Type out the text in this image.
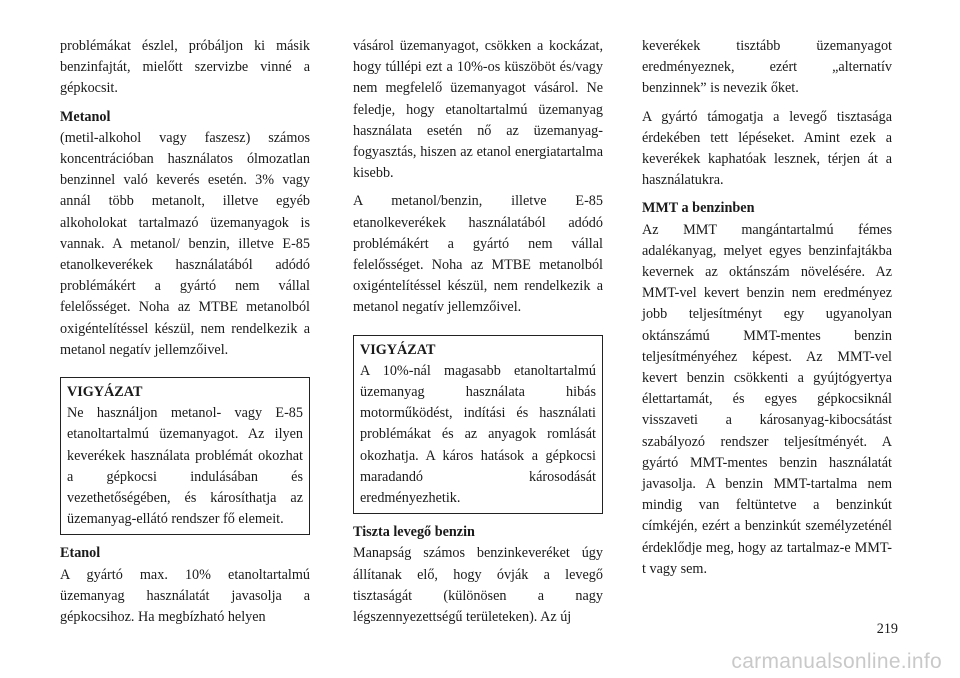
problémákat észlel, próbáljon ki másik benzinfajtát, mielőtt szervizbe vinné a gépkocsit.

Metanol

(metil-alkohol vagy faszesz) számos koncentrációban használatos ólmozatlan benzinnel való keverés esetén. 3% vagy annál több metanolt, illetve egyéb alkoholokat tartalmazó üzemanyagok is vannak. A metanol/ benzin, illetve E-85 etanolkeverékek használatából adódó problémákért a gyártó nem vállal felelősséget. Noha az MTBE metanolból oxigéntelítéssel készül, nem rendelkezik a metanol negatív jellemzőivel.

VIGYÁZAT

Ne használjon metanol- vagy E-85 etanoltartalmú üzemanyagot. Az ilyen keverékek használata problémát okozhat a gépkocsi indulásában és vezethetőségében, és károsíthatja az üzemanyag-ellátó rendszer fő elemeit.

Etanol

A gyártó max. 10% etanoltartalmú üzemanyag használatát javasolja a gépkocsihoz. Ha megbízható helyen

vásárol üzemanyagot, csökken a kockázat, hogy túllépi ezt a 10%-os küszöböt és/vagy nem megfelelő üzemanyagot vásárol. Ne feledje, hogy etanoltartalmú üzemanyag használata esetén nő az üzemanyag-fogyasztás, hiszen az etanol energiatartalma kisebb.

A metanol/benzin, illetve E-85 etanolkeverékek használatából adódó problémákért a gyártó nem vállal felelősséget. Noha az MTBE metanolból oxigéntelítéssel készül, nem rendelkezik a metanol negatív jellemzőivel.

VIGYÁZAT

A 10%-nál magasabb etanoltartalmú üzemanyag használata hibás motorműködést, indítási és használati problémákat és az anyagok romlását okozhatja. A káros hatások a gépkocsi maradandó károsodását eredményezhetik.

Tiszta levegő benzin

Manapság számos benzinkeveréket úgy állítanak elő, hogy óvják a levegő tisztaságát (különösen a nagy légszennyezettségű területeken). Az új

keverékek tisztább üzemanyagot eredményeznek, ezért „alternatív benzinnek” is nevezik őket.

A gyártó támogatja a levegő tisztasága érdekében tett lépéseket. Amint ezek a keverékek kaphatóak lesznek, térjen át a használatukra.

MMT a benzinben

Az MMT mangántartalmú fémes adalékanyag, melyet egyes benzinfajtákba kevernek az oktánszám növelésére. Az MMT-vel kevert benzin nem eredményez jobb teljesítményt egy ugyanolyan oktánszámú MMT-mentes benzin teljesítményéhez képest. Az MMT-vel kevert benzin csökkenti a gyújtógyertya élettartamát, és egyes gépkocsiknál visszaveti a károsanyag-kibocsátást szabályozó rendszer teljesítményét. A gyártó MMT-mentes benzin használatát javasolja. A benzin MMT-tartalma nem mindig van feltüntetve a benzinkút címkéjén, ezért a benzinkút személyzeténél érdeklődje meg, hogy az tartalmaz-e MMT-t vagy sem.

219
carmanualsonline.info
